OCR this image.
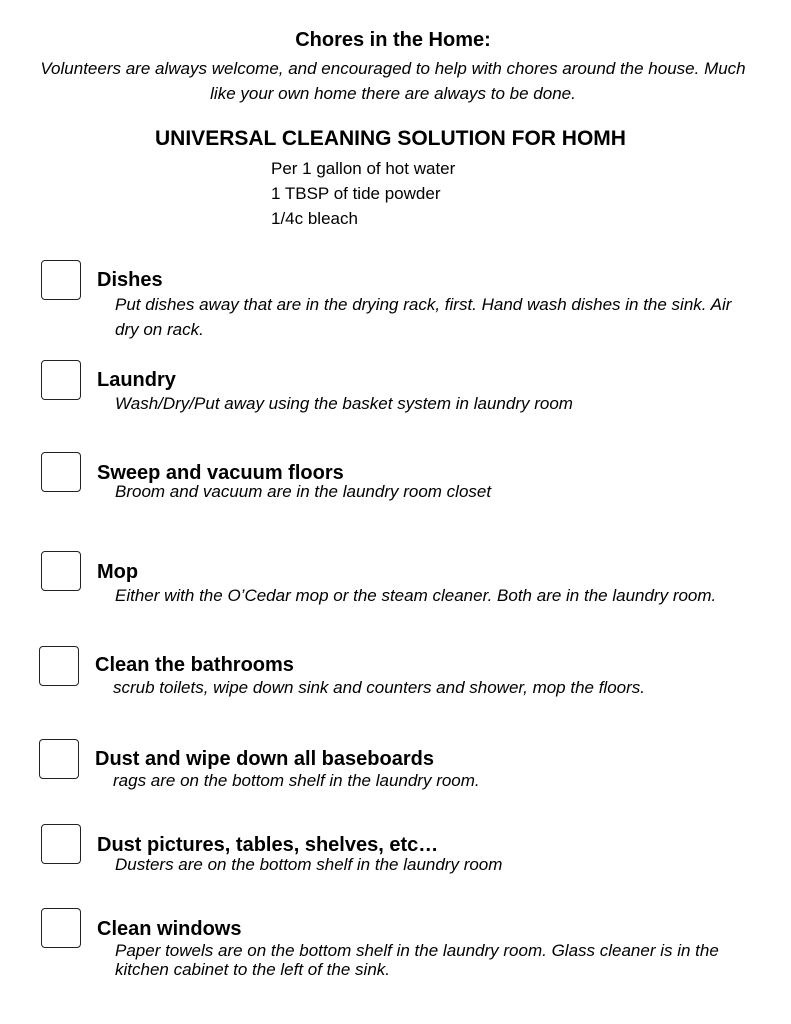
Chores in the Home:
Volunteers are always welcome, and encouraged to help with chores around the house. Much like your own home there are always to be done.
UNIVERSAL CLEANING SOLUTION FOR HOMH
Per 1 gallon of hot water
1 TBSP of tide powder
1/4c bleach
Dishes
Put dishes away that are in the drying rack, first. Hand wash dishes in the sink. Air dry on rack.
Laundry
Wash/Dry/Put away using the basket system in laundry room
Sweep and vacuum floors
Broom and vacuum are in the laundry room closet
Mop
Either with the O’Cedar mop or the steam cleaner. Both are in the laundry room.
Clean the bathrooms
scrub toilets, wipe down sink and counters and shower, mop the floors.
Dust and wipe down all baseboards
rags are on the bottom shelf in the laundry room.
Dust pictures, tables, shelves, etc…
Dusters are on the bottom shelf in the laundry room
Clean windows
Paper towels are on the bottom shelf in the laundry room. Glass cleaner is in the kitchen cabinet to the left of the sink.
